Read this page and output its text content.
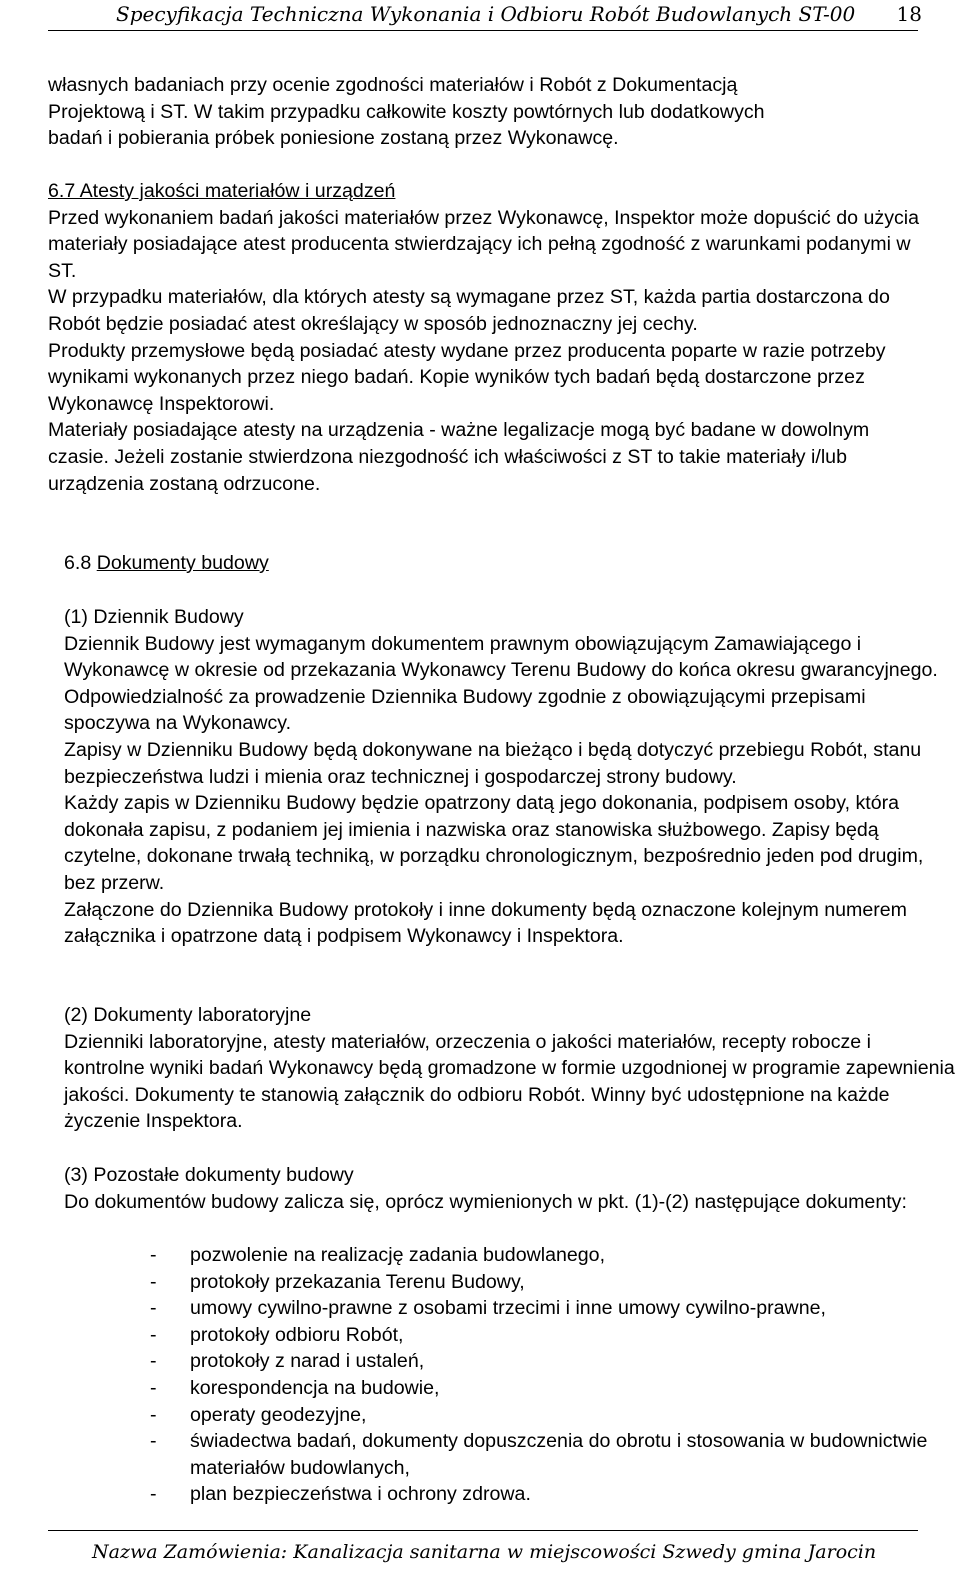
Specyfikacja Techniczna Wykonania i Odbioru Robót Budowlanych ST-00 18
własnych badaniach przy ocenie zgodności materiałów i Robót z Dokumentacją
Projektową i ST. W takim przypadku całkowite koszty powtórnych lub dodatkowych
badań i pobierania próbek poniesione zostaną przez Wykonawcę.
6.7 Atesty jakości materiałów i urządzeń
Przed wykonaniem badań jakości materiałów przez Wykonawcę, Inspektor może dopuścić do użycia materiały posiadające atest producenta stwierdzający ich pełną zgodność z warunkami podanymi w ST.
W przypadku materiałów, dla których atesty są wymagane przez ST, każda partia dostarczona do Robót będzie posiadać atest określający w sposób jednoznaczny jej cechy.
Produkty przemysłowe będą posiadać atesty wydane przez producenta poparte w razie potrzeby wynikami wykonanych przez niego badań. Kopie wyników tych badań będą dostarczone przez Wykonawcę Inspektorowi.
Materiały posiadające atesty na urządzenia - ważne legalizacje mogą być badane w dowolnym czasie. Jeżeli zostanie stwierdzona niezgodność ich właściwości z ST to takie materiały i/lub urządzenia zostaną odrzucone.
6.8 Dokumenty budowy
(1) Dziennik Budowy
Dziennik Budowy jest wymaganym dokumentem prawnym obowiązującym Zamawiającego i Wykonawcę w okresie od przekazania Wykonawcy Terenu Budowy do końca okresu gwarancyjnego. Odpowiedzialność za prowadzenie Dziennika Budowy zgodnie z obowiązującymi przepisami spoczywa na Wykonawcy.
Zapisy w Dzienniku Budowy będą dokonywane na bieżąco i będą dotyczyć przebiegu Robót, stanu bezpieczeństwa ludzi i mienia oraz technicznej i gospodarczej strony budowy.
Każdy zapis w Dzienniku Budowy będzie opatrzony datą jego dokonania, podpisem osoby, która dokonała zapisu, z podaniem jej imienia i nazwiska oraz stanowiska służbowego. Zapisy będą czytelne, dokonane trwałą techniką, w porządku chronologicznym, bezpośrednio jeden pod drugim, bez przerw.
Załączone do Dziennika Budowy protokoły i inne dokumenty będą oznaczone kolejnym numerem załącznika i opatrzone datą i podpisem Wykonawcy i Inspektora.
(2) Dokumenty laboratoryjne
Dzienniki laboratoryjne, atesty materiałów, orzeczenia o jakości materiałów, recepty robocze i kontrolne wyniki badań Wykonawcy będą gromadzone w formie uzgodnionej w programie zapewnienia jakości. Dokumenty te stanowią załącznik do odbioru Robót. Winny być udostępnione na każde życzenie Inspektora.
(3) Pozostałe dokumenty budowy
Do dokumentów budowy zalicza się, oprócz wymienionych w pkt. (1)-(2) następujące dokumenty:
- pozwolenie na realizację zadania budowlanego,
- protokoły przekazania Terenu Budowy,
- umowy cywilno-prawne z osobami trzecimi i inne umowy cywilno-prawne,
- protokoły odbioru Robót,
- protokoły z narad i ustaleń,
- korespondencja na budowie,
- operaty geodezyjne,
- świadectwa badań, dokumenty dopuszczenia do obrotu i stosowania w budownictwie materiałów budowlanych,
- plan bezpieczeństwa i ochrony zdrowa.
Nazwa Zamówienia: Kanalizacja sanitarna w miejscowości Szwedy gmina Jarocin
